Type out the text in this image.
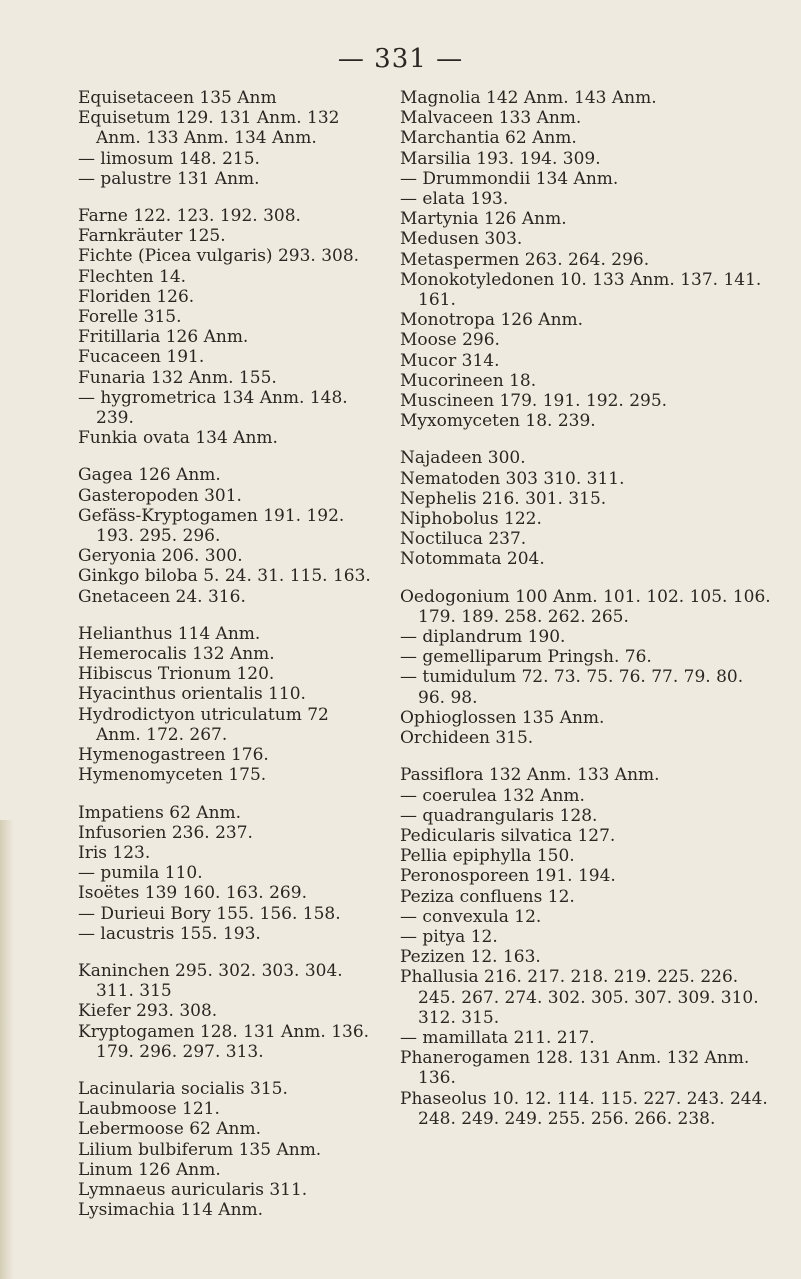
— 331 —
Equisetaceen 135 Anm
Equisetum 129. 131 Anm. 132 Anm. 133 Anm. 134 Anm.
— limosum 148. 215.
— palustre 131 Anm.
Farne 122. 123. 192. 308.
Farnkräuter 125.
Fichte (Picea vulgaris) 293. 308.
Flechten 14.
Floriden 126.
Forelle 315.
Fritillaria 126 Anm.
Fucaceen 191.
Funaria 132 Anm. 155.
— hygrometrica 134 Anm. 148. 239.
Funkia ovata 134 Anm.
Gagea 126 Anm.
Gasteropoden 301.
Gefäss-Kryptogamen 191. 192. 193. 295. 296.
Geryonia 206. 300.
Ginkgo biloba 5. 24. 31. 115. 163.
Gnetaceen 24. 316.
Helianthus 114 Anm.
Hemerocalis 132 Anm.
Hibiscus Trionum 120.
Hyacinthus orientalis 110.
Hydrodictyon utriculatum 72 Anm. 172. 267.
Hymenogastreen 176.
Hymenomyceten 175.
Impatiens 62 Anm.
Infusorien 236. 237.
Iris 123.
— pumila 110.
Isoëtes 139 160. 163. 269.
— Durieui Bory 155. 156. 158.
— lacustris 155. 193.
Kaninchen 295. 302. 303. 304. 311. 315
Kiefer 293. 308.
Kryptogamen 128. 131 Anm. 136. 179. 296. 297. 313.
Lacinularia socialis 315.
Laubmoose 121.
Lebermoose 62 Anm.
Lilium bulbiferum 135 Anm.
Linum 126 Anm.
Lymnaeus auricularis 311.
Lysimachia 114 Anm.
Magnolia 142 Anm. 143 Anm.
Malvaceen 133 Anm.
Marchantia 62 Anm.
Marsilia 193. 194. 309.
— Drummondii 134 Anm.
— elata 193.
Martynia 126 Anm.
Medusen 303.
Metaspermen 263. 264. 296.
Monokotyledonen 10. 133 Anm. 137. 141. 161.
Monotropa 126 Anm.
Moose 296.
Mucor 314.
Mucorineen 18.
Muscineen 179. 191. 192. 295.
Myxomyceten 18. 239.
Najadeen 300.
Nematoden 303 310. 311.
Nephelis 216. 301. 315.
Niphobolus 122.
Noctiluca 237.
Notommata 204.
Oedogonium 100 Anm. 101. 102. 105. 106. 179. 189. 258. 262. 265.
— diplandrum 190.
— gemelliparum Pringsh. 76.
— tumidulum 72. 73. 75. 76. 77. 79. 80. 96. 98.
Ophioglossen 135 Anm.
Orchideen 315.
Passiflora 132 Anm. 133 Anm.
— coerulea 132 Anm.
— quadrangularis 128.
Pedicularis silvatica 127.
Pellia epiphylla 150.
Peronosporeen 191. 194.
Peziza confluens 12.
— convexula 12.
— pitya 12.
Pezizen 12. 163.
Phallusia 216. 217. 218. 219. 225. 226. 245. 267. 274. 302. 305. 307. 309. 310. 312. 315.
— mamillata 211. 217.
Phanerogamen 128. 131 Anm. 132 Anm. 136.
Phaseolus 10. 12. 114. 115. 227. 243. 244. 248. 249. 249. 255. 256. 266. 238.
